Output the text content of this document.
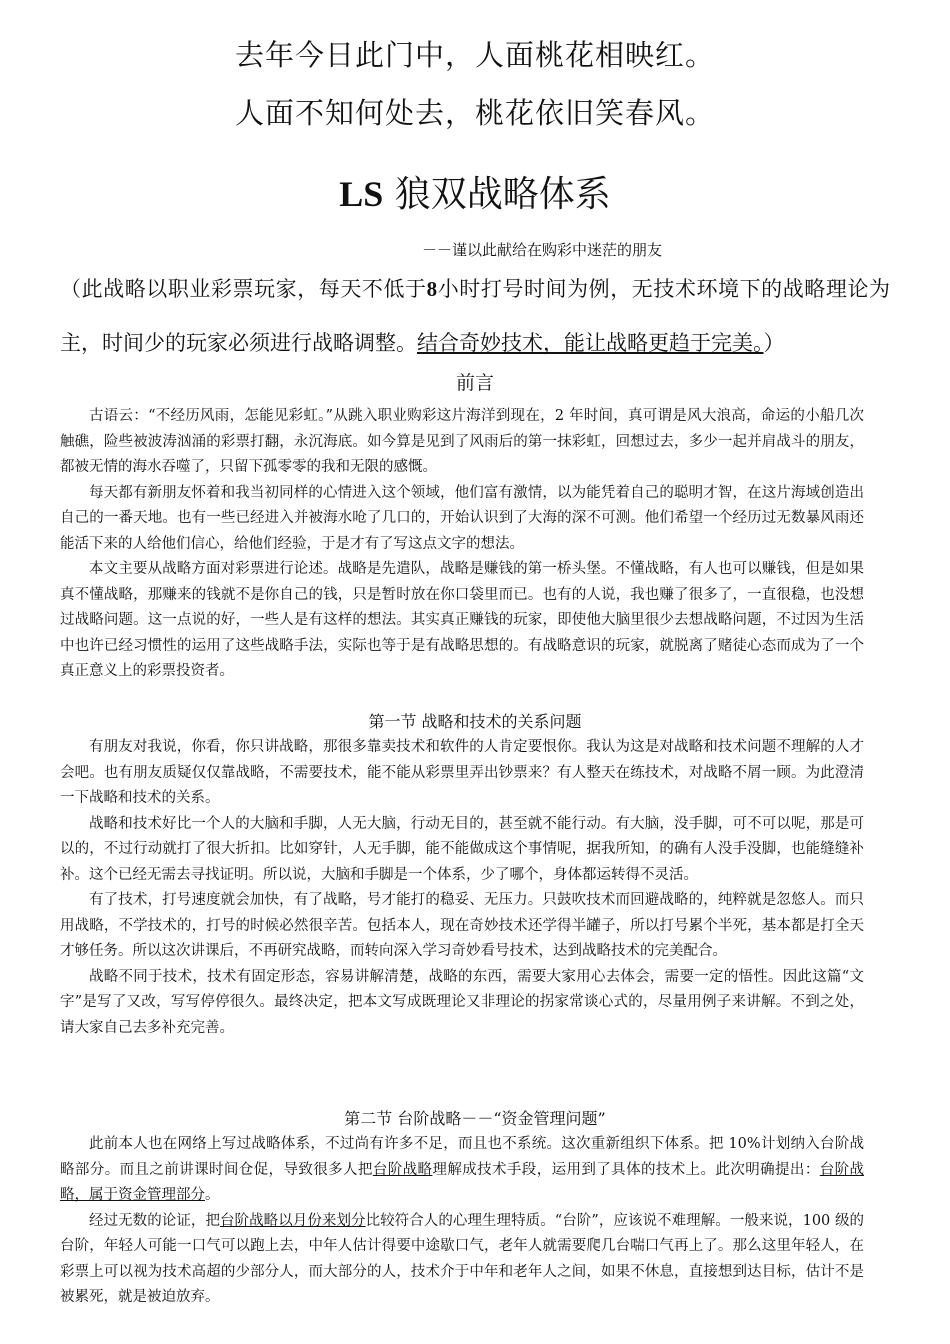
去年今日此门中，人面桃花相映红。
人面不知何处去，桃花依旧笑春风。
LS 狼双战略体系
－－谨以此献给在购彩中迷茫的朋友
（此战略以职业彩票玩家，每天不低于8小时打号时间为例，无技术环境下的战略理论为主，时间少的玩家必须进行战略调整。结合奇妙技术，能让战略更趋于完美。）
前言

古语云：“不经历风雨，怎能见彩虹。”从跳入职业购彩这片海洋到现在，2 年时间，真可谓是风大浪高，命运的小船几次触礁，险些被波涛汹涌的彩票打翻，永沉海底。如今算是见到了风雨后的第一抹彩虹，回想过去，多少一起并肩战斗的朋友，都被无情的海水吞噬了，只留下孤零零的我和无限的感慨。

每天都有新朋友怀着和我当初同样的心情进入这个领域，他们富有激情，以为能凭着自己的聪明才智，在这片海域创造出自己的一番天地。也有一些已经进入并被海水呛了几口的，开始认识到了大海的深不可测。他们希望一个经历过无数暴风雨还能活下来的人给他们信心，给他们经验，于是才有了写这点文字的想法。

本文主要从战略方面对彩票进行论述。战略是先遣队，战略是赚钱的第一桥头堡。不懂战略，有人也可以赚钱，但是如果真不懂战略，那赚来的钱就不是你自己的钱，只是暂时放在你口袋里而已。也有的人说，我也赚了很多了，一直很稳，也没想过战略问题。这一点说的好，一些人是有这样的想法。其实真正赚钱的玩家，即使他大脑里很少去想战略问题，不过因为生活中也许已经习惯性的运用了这些战略手法，实际也等于是有战略思想的。有战略意识的玩家，就脱离了赌徒心态而成为了一个真正意义上的彩票投资者。

第一节 战略和技术的关系问题

有朋友对我说，你看，你只讲战略，那很多靠卖技术和软件的人肯定要恨你。我认为这是对战略和技术问题不理解的人才会吧。也有朋友质疑仅仅靠战略，不需要技术，能不能从彩票里弄出钞票来？有人整天在练技术，对战略不屑一顾。为此澄清一下战略和技术的关系。

战略和技术好比一个人的大脑和手脚，人无大脑，行动无目的，甚至就不能行动。有大脑，没手脚，可不可以呢，那是可以的，不过行动就打了很大折扣。比如穿针，人无手脚，能不能做成这个事情呢，据我所知，的确有人没手没脚，也能缝缝补补。这个已经无需去寻找证明。所以说，大脑和手脚是一个体系，少了哪个，身体都运转得不灵活。

有了技术，打号速度就会加快，有了战略，号才能打的稳妥、无压力。只鼓吹技术而回避战略的，纯粹就是忽悠人。而只用战略，不学技术的，打号的时候必然很辛苦。包括本人，现在奇妙技术还学得半罐子，所以打号累个半死，基本都是打全天才够任务。所以这次讲课后，不再研究战略，而转向深入学习奇妙看号技术，达到战略技术的完美配合。

战略不同于技术，技术有固定形态，容易讲解清楚，战略的东西，需要大家用心去体会，需要一定的悟性。因此这篇“文字”是写了又改，写写停停很久。最终决定，把本文写成既理论又非理论的拐家常谈心式的，尽量用例子来讲解。不到之处，请大家自己去多补充完善。

第二节 台阶战略－－“资金管理问题”

此前本人也在网络上写过战略体系，不过尚有许多不足，而且也不系统。这次重新组织下体系。把 10%计划纳入台阶战略部分。而且之前讲课时间仓促，导致很多人把台阶战略理解成技术手段，运用到了具体的技术上。此次明确提出：台阶战略，属于资金管理部分。

经过无数的论证，把台阶战略以月份来划分比较符合人的心理生理特质。“台阶”，应该说不难理解。一般来说，100 级的台阶，年轻人可能一口气可以跑上去，中年人估计得要中途歇口气，老年人就需要爬几台喘口气再上了。那么这里年轻人，在彩票上可以视为技术高超的少部分人，而大部分的人，技术介于中年和老年人之间，如果不休息，直接想到达目标，估计不是被累死，就是被迫放弃。
